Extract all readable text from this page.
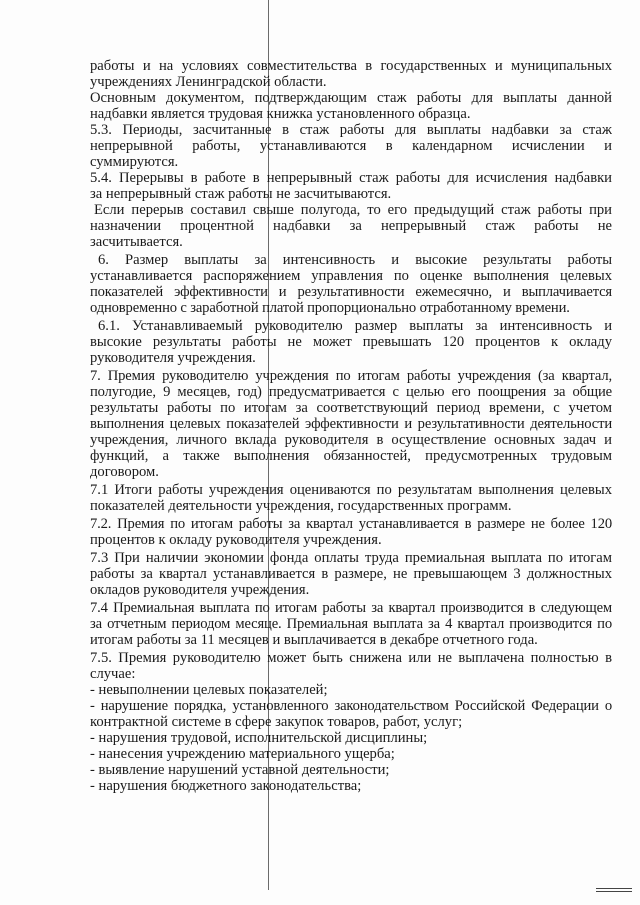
работы и на условиях совместительства в государственных и муниципальных
учреждениях Ленинградской области.
Основным документом, подтверждающим стаж работы для выплаты данной
надбавки является трудовая книжка установленного образца.
5.3. Периоды, засчитанные в стаж работы для выплаты надбавки за стаж
непрерывной работы, устанавливаются в календарном исчислении и
суммируются.
5.4. Перерывы в работе в непрерывный стаж работы для исчисления надбавки
за непрерывный стаж работы не засчитываются.
Если перерыв составил свыше полугода, то его предыдущий стаж работы при
назначении процентной надбавки за непрерывный стаж работы не
засчитывается.
6. Размер выплаты за интенсивность и высокие результаты работы
устанавливается распоряжением управления по оценке выполнения целевых
показателей эффективности и результативности ежемесячно, и выплачивается
одновременно с заработной платой пропорционально отработанному времени.
6.1. Устанавливаемый руководителю размер выплаты за интенсивность и
высокие результаты работы не может превышать 120 процентов к окладу
руководителя учреждения.
7. Премия руководителю учреждения по итогам работы учреждения (за квартал,
полугодие, 9 месяцев, год) предусматривается с целью его поощрения за общие
результаты работы по итогам за соответствующий период времени, с учетом
выполнения целевых показателей эффективности и результативности деятельности
учреждения, личного вклада руководителя в осуществление основных задач и
функций, а также выполнения обязанностей, предусмотренных трудовым
договором.
7.1 Итоги работы учреждения оцениваются по результатам выполнения целевых
показателей деятельности учреждения, государственных программ.
7.2. Премия по итогам работы за квартал устанавливается в размере не более 120
процентов к окладу руководителя учреждения.
7.3 При наличии экономии фонда оплаты труда премиальная выплата по итогам
работы за квартал устанавливается в размере, не превышающем 3 должностных
окладов руководителя учреждения.
7.4 Премиальная выплата по итогам работы за квартал производится в следующем
за отчетным периодом месяце. Премиальная выплата за 4 квартал производится по
итогам работы за 11 месяцев и выплачивается в декабре отчетного года.
7.5. Премия руководителю может быть снижена или не выплачена полностью в
случае:
- невыполнении целевых показателей;
- нарушение порядка, установленного законодательством Российской Федерации о
контрактной системе в сфере закупок товаров, работ, услуг;
- нарушения трудовой, исполнительской дисциплины;
- нанесения учреждению материального ущерба;
- выявление нарушений уставной деятельности;
- нарушения бюджетного законодательства;
